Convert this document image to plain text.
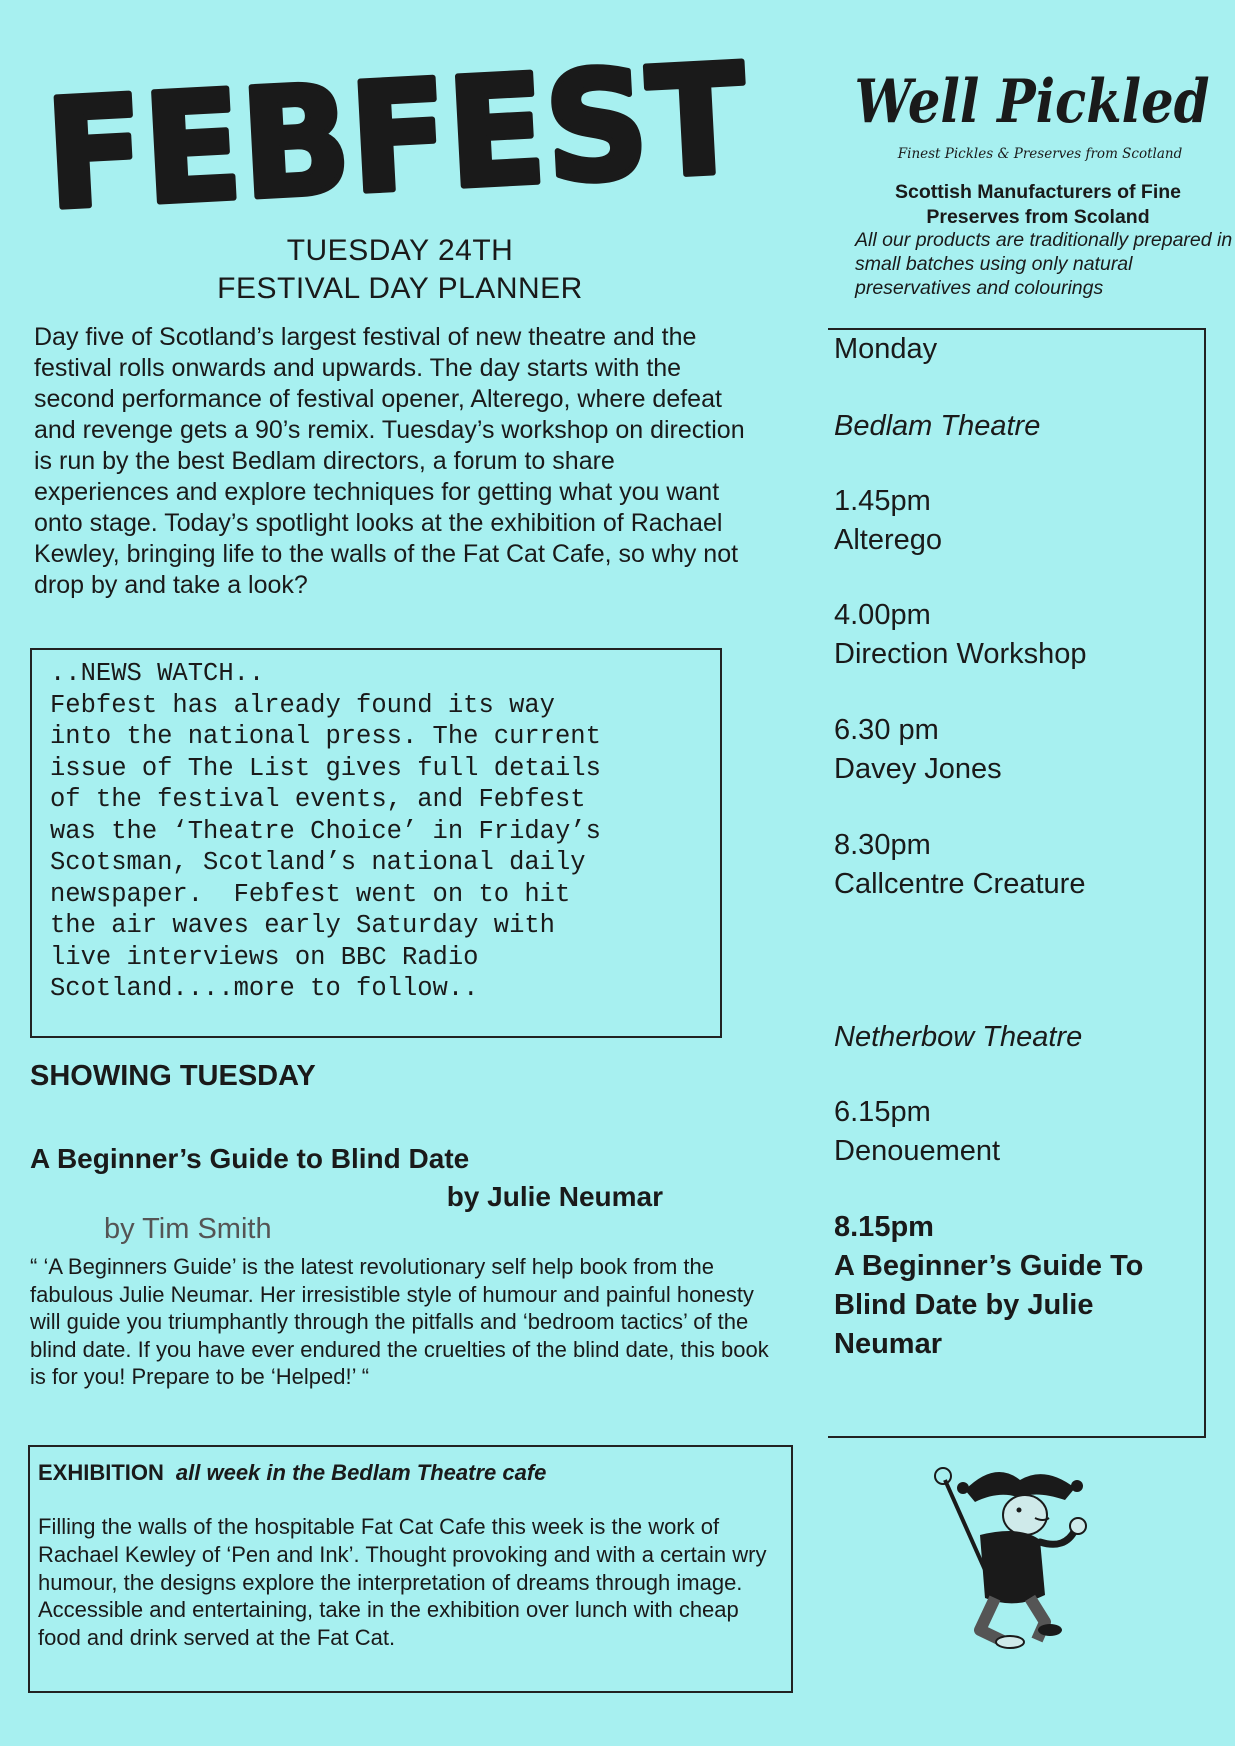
FEBFEST
TUESDAY 24TH
FESTIVAL DAY PLANNER
Day five of Scotland’s largest festival of new theatre and the festival rolls onwards and upwards. The day starts with the second performance of festival opener, Alterego, where defeat and revenge gets a 90’s remix. Tuesday’s workshop on direction is run by the best Bedlam directors, a forum to share experiences and explore techniques for getting what you want onto stage. Today’s spotlight looks at the exhibition of Rachael Kewley, bringing life to the walls of the Fat Cat Cafe, so why not drop by and take a look?
..NEWS WATCH..
Febfest has already found its way
into the national press. The current
issue of The List gives full details
of the festival events, and Febfest
was the ‘Theatre Choice’ in Friday’s
Scotsman, Scotland’s national daily
newspaper.  Febfest went on to hit
the air waves early Saturday with
live interviews on BBC Radio
Scotland....more to follow..
SHOWING TUESDAY
A Beginner’s Guide to Blind Date
by Julie Neumar
by Tim Smith
“ ‘A Beginners Guide’ is the latest revolutionary self help book from the fabulous Julie Neumar. Her irresistible style of humour and painful honesty will guide you triumphantly through the pitfalls and ‘bedroom tactics’ of the blind date. If you have ever endured the cruelties of the blind date, this book is for you! Prepare to be ‘Helped!’ “
EXHIBITION all week in the Bedlam Theatre cafe
Filling the walls of the hospitable Fat Cat Cafe this week is the work of Rachael Kewley of ‘Pen and Ink’. Thought provoking and with a certain wry humour, the designs explore the interpretation of dreams through image. Accessible and entertaining, take in the exhibition over lunch with cheap food and drink served at the Fat Cat.
Well Pickled
Finest Pickles & Preserves from Scotland
Scottish Manufacturers of Fine Preserves from Scoland
All our products are traditionally prepared in small batches using only natural preservatives and colourings
Monday
Bedlam Theatre
1.45pm
Alterego
4.00pm
Direction Workshop
6.30 pm
Davey Jones
8.30pm
Callcentre Creature
Netherbow Theatre
6.15pm
Denouement
8.15pm
A Beginner’s Guide To Blind Date by Julie Neumar
